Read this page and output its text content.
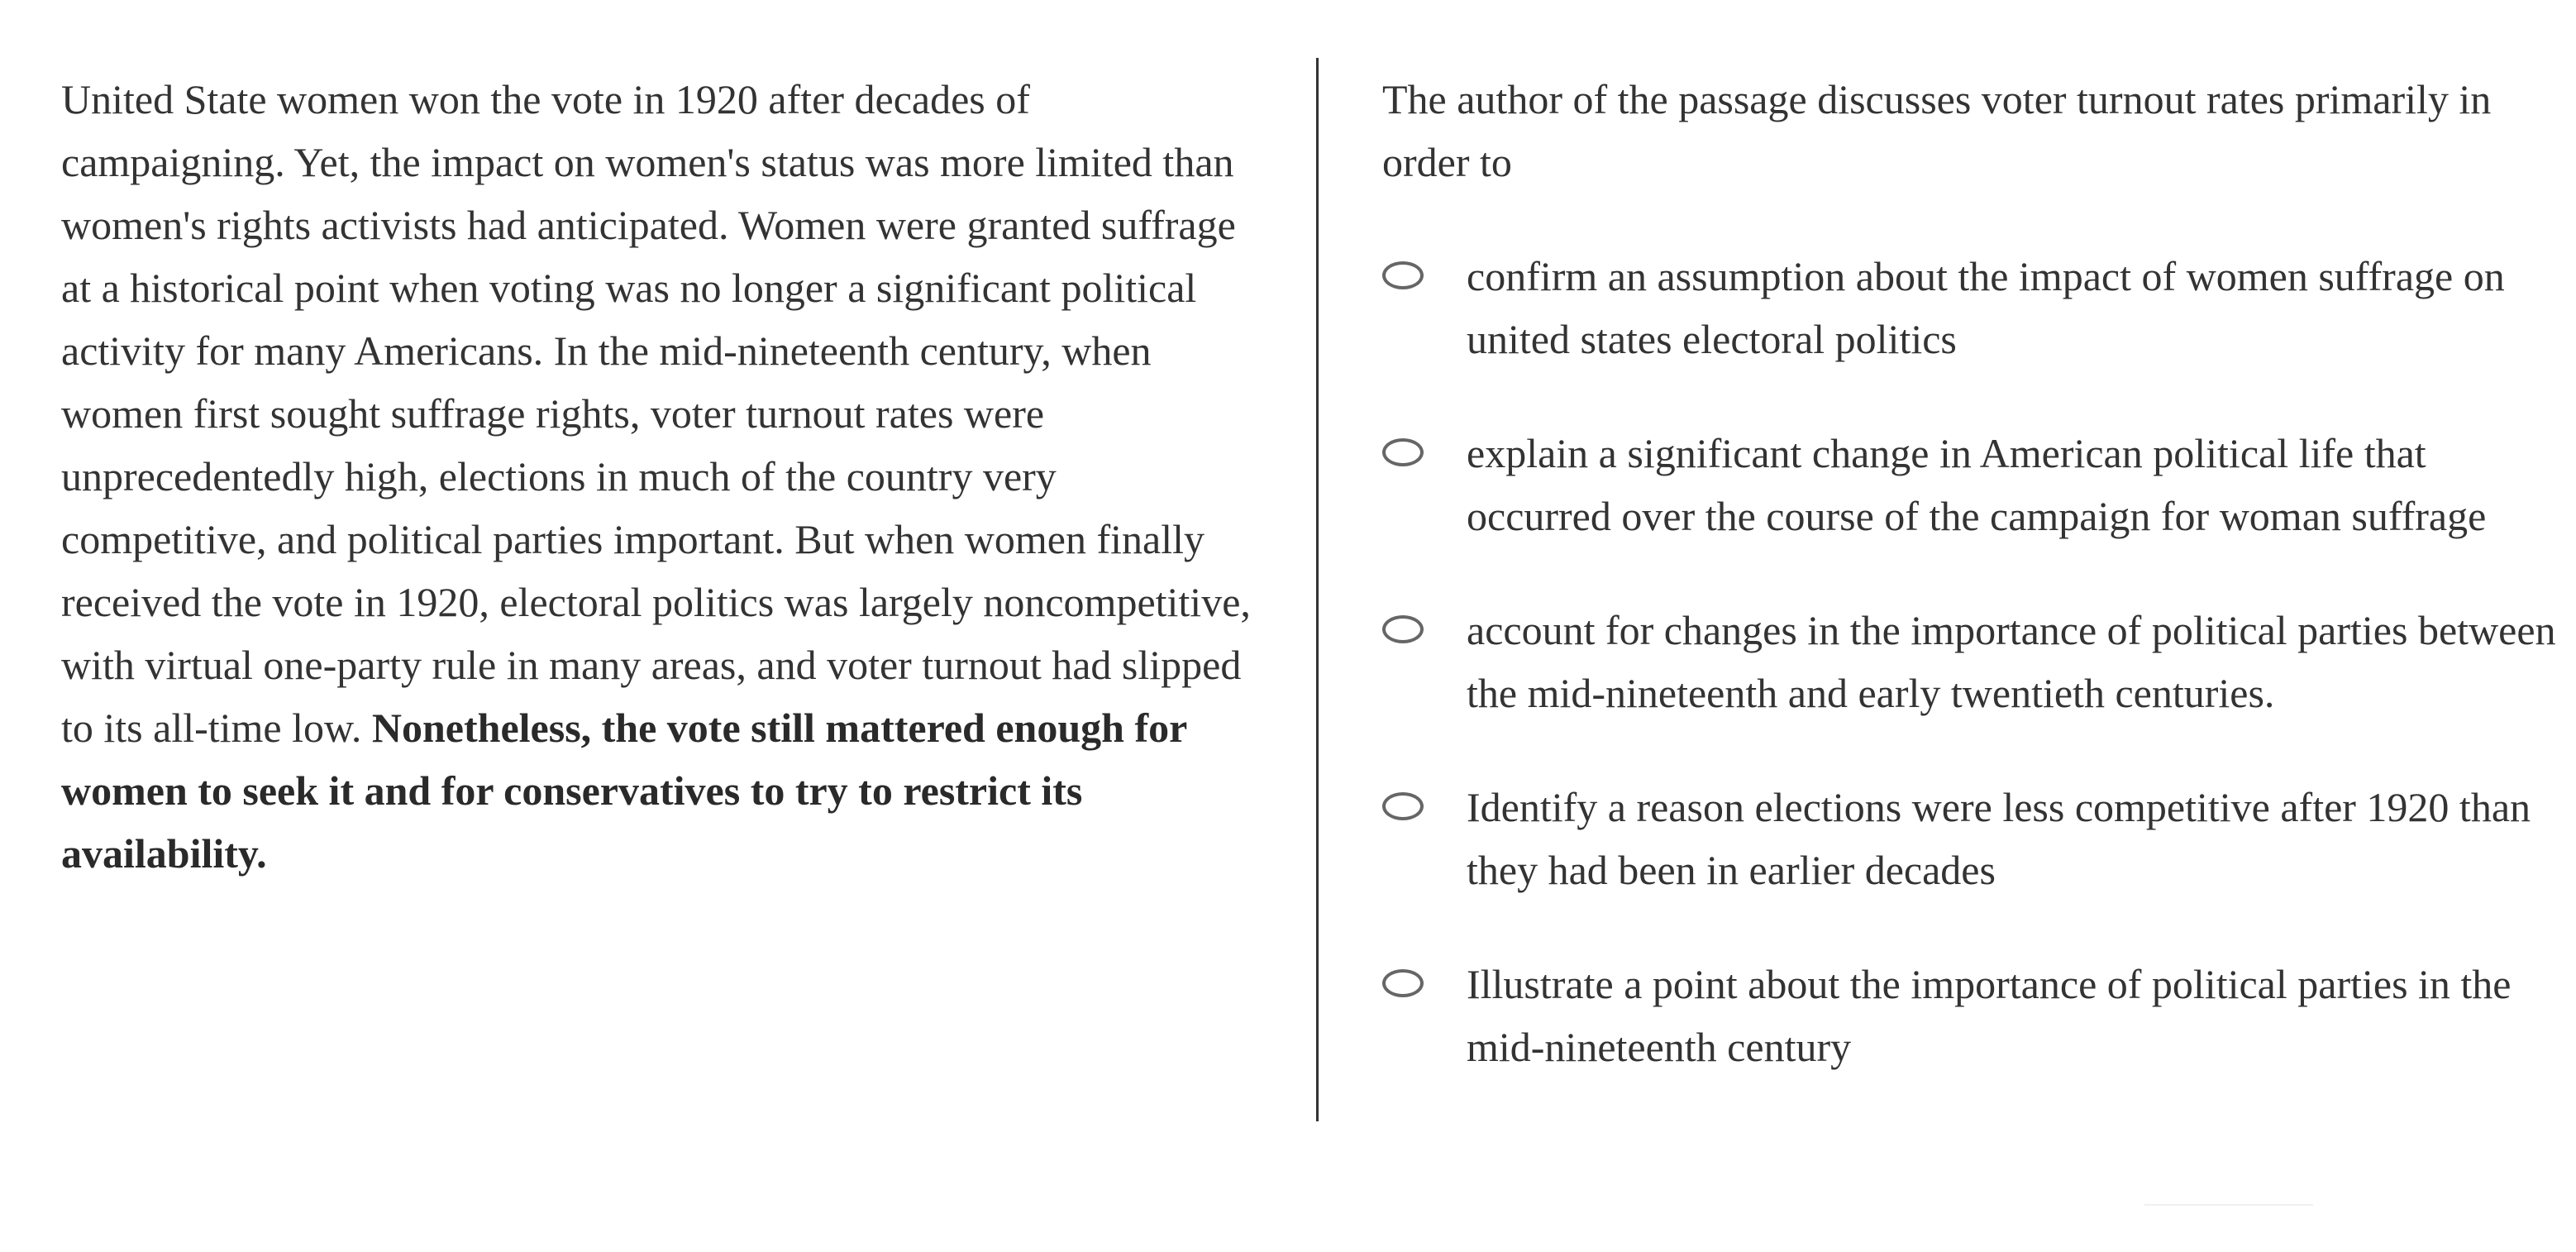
United State women won the vote in 1920 after decades of campaigning. Yet, the impact on women's status was more limited than women's rights activists had anticipated. Women were granted suffrage at a historical point when voting was no longer a significant political activity for many Americans. In the mid-nineteenth century, when women first sought suffrage rights, voter turnout rates were unprecedentedly high, elections in much of the country very competitive, and political parties important. But when women finally received the vote in 1920, electoral politics was largely noncompetitive, with virtual one-party rule in many areas, and voter turnout had slipped to its all-time low. Nonetheless, the vote still mattered enough for women to seek it and for conservatives to try to restrict its availability.

The author of the passage discusses voter turnout rates primarily in order to

confirm an assumption about the impact of women suffrage on united states electoral politics
explain a significant change in American political life that occurred over the course of the campaign for woman suffrage
account for changes in the importance of political parties between the mid-nineteenth and early twentieth centuries.
Identify a reason elections were less competitive after 1920 than they had been in earlier decades
Illustrate a point about the importance of political parties in the mid-nineteenth century
